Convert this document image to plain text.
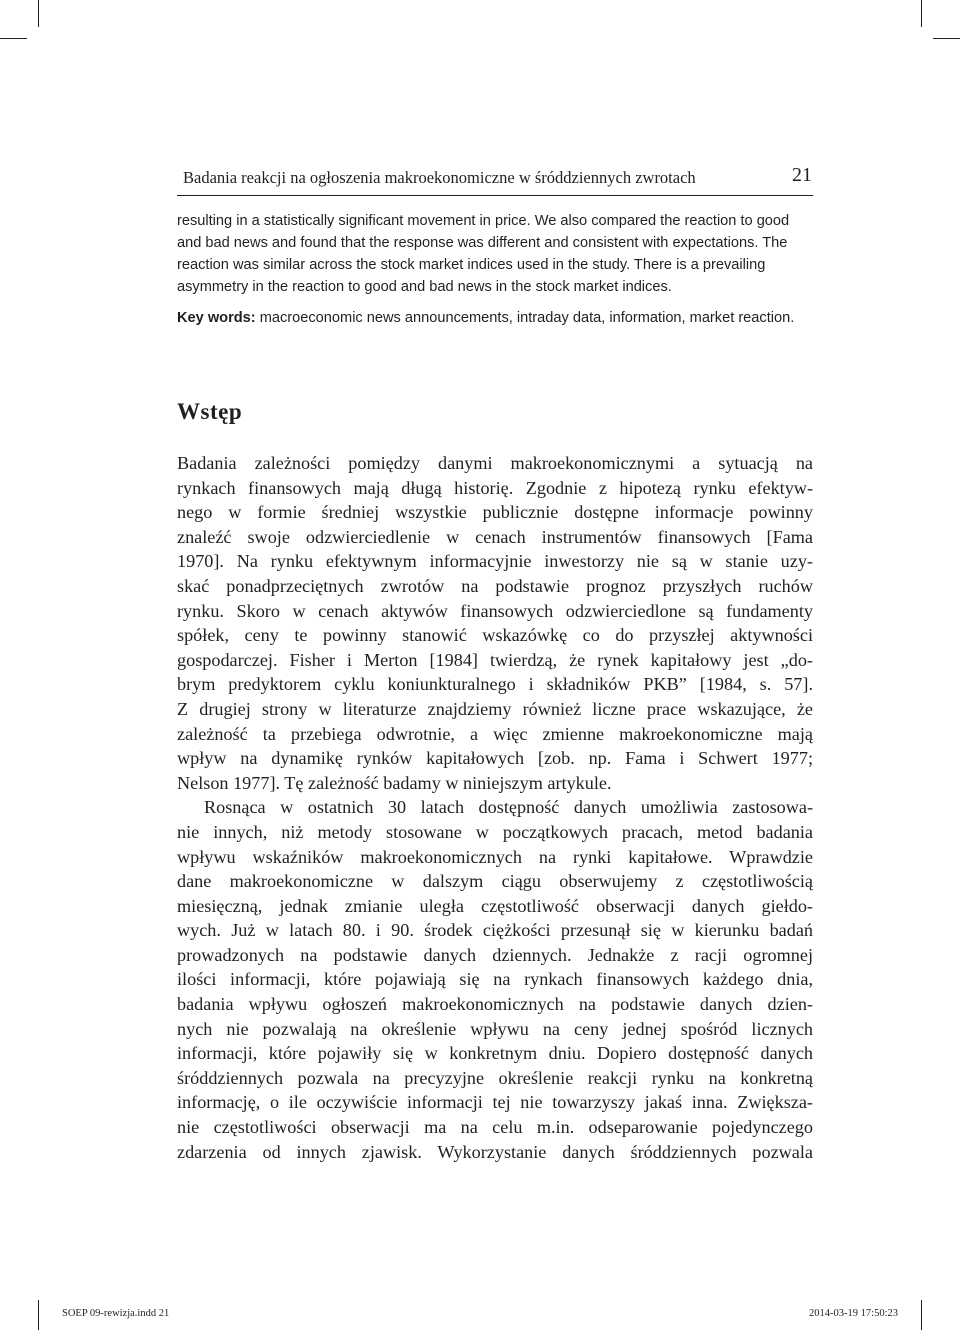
Badania reakcji na ogłoszenia makroekonomiczne w śróddziennych zwrotach	21
resulting in a statistically significant movement in price. We also compared the reaction to good
and bad news and found that the response was different and consistent with expectations. The
reaction was similar across the stock market indices used in the study. There is a prevailing
asymmetry in the reaction to good and bad news in the stock market indices.
Key words: macroeconomic news announcements, intraday data, information, market reaction.
Wstęp
Badania zależności pomiędzy danymi makroekonomicznymi a sytuacją na
rynkach finansowych mają długą historię. Zgodnie z hipotezą rynku efektyw-
nego w formie średniej wszystkie publicznie dostępne informacje powinny
znaleźć swoje odzwierciedlenie w cenach instrumentów finansowych [Fama
1970]. Na rynku efektywnym informacyjnie inwestorzy nie są w stanie uzy-
skać ponadprzeciętnych zwrotów na podstawie prognoz przyszłych ruchów
rynku. Skoro w cenach aktywów finansowych odzwierciedlone są fundamenty
spółek, ceny te powinny stanowić wskazówkę co do przyszłej aktywności
gospodarczej. Fisher i Merton [1984] twierdzą, że rynek kapitałowy jest „do-
brym predyktorem cyklu koniunkturalnego i składników PKB” [1984, s. 57].
Z drugiej strony w literaturze znajdziemy również liczne prace wskazujące, że
zależność ta przebiega odwrotnie, a więc zmienne makroekonomiczne mają
wpływ na dynamikę rynków kapitałowych [zob. np. Fama i Schwert 1977;
Nelson 1977]. Tę zależność badamy w niniejszym artykule.
Rosnąca w ostatnich 30 latach dostępność danych umożliwia zastosowa-
nie innych, niż metody stosowane w początkowych pracach, metod badania
wpływu wskaźników makroekonomicznych na rynki kapitałowe. Wprawdzie
dane makroekonomiczne w dalszym ciągu obserwujemy z częstotliwością
miesięczną, jednak zmianie uległa częstotliwość obserwacji danych giełdo-
wych. Już w latach 80. i 90. środek ciężkości przesunął się w kierunku badań
prowadzonych na podstawie danych dziennych. Jednakże z racji ogromnej
ilości informacji, które pojawiają się na rynkach finansowych każdego dnia,
badania wpływu ogłoszeń makroekonomicznych na podstawie danych dzien-
nych nie pozwalają na określenie wpływu na ceny jednej spośród licznych
informacji, które pojawiły się w konkretnym dniu. Dopiero dostępność danych
śróddziennych pozwala na precyzyjne określenie reakcji rynku na konkretną
informację, o ile oczywiście informacji tej nie towarzyszy jakaś inna. Zwiększa-
nie częstotliwości obserwacji ma na celu m.in. odseparowanie pojedynczego
zdarzenia od innych zjawisk. Wykorzystanie danych śróddziennych pozwala
SOEP 09-rewizja.indd 21	2014-03-19 17:50:23
